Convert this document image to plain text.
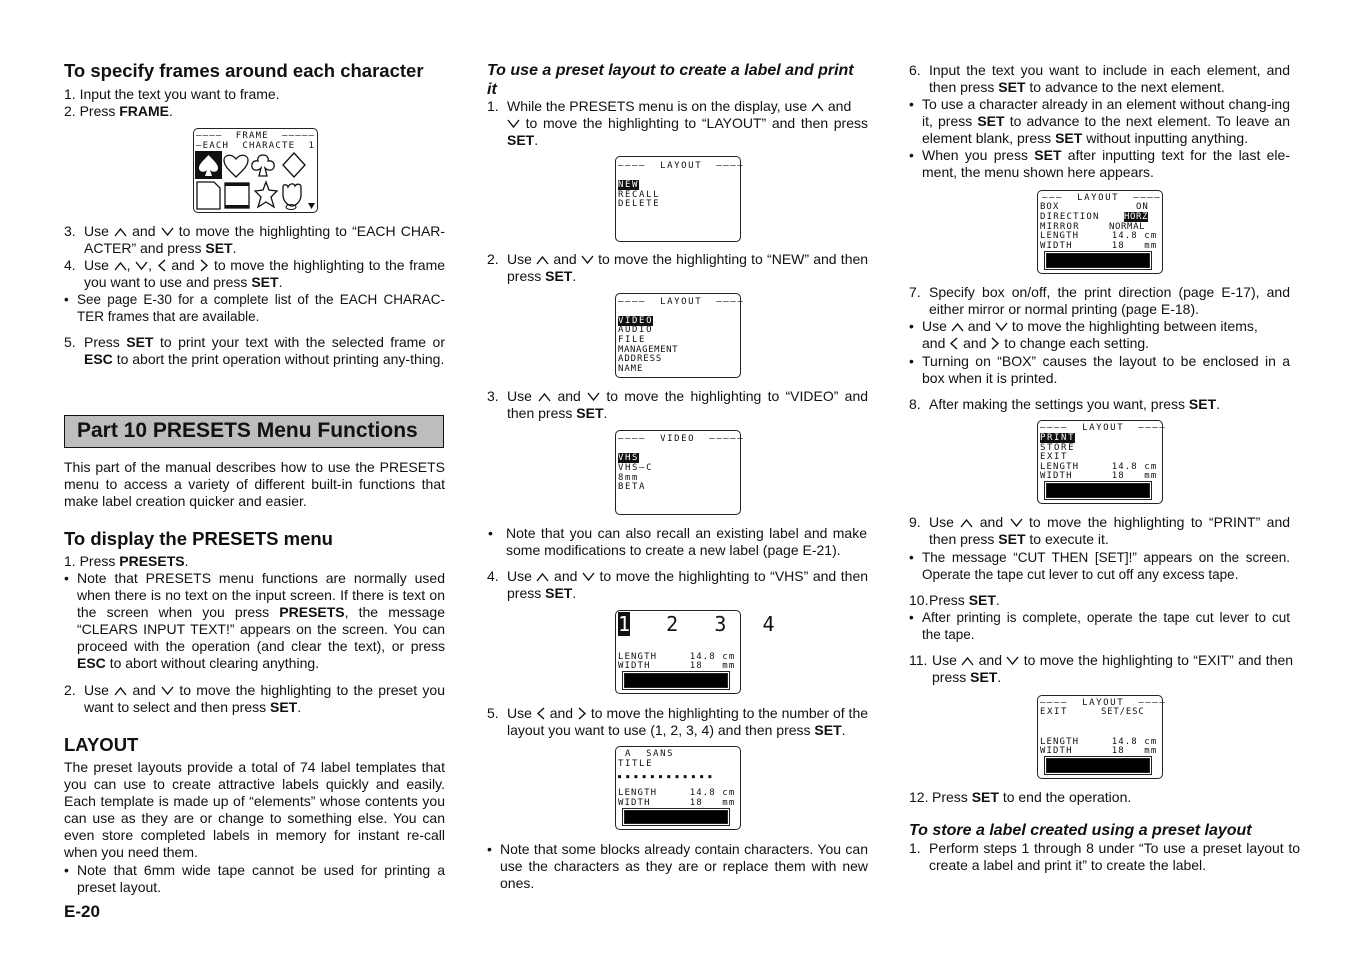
To specify frames around each character
1. Input the text you want to frame.
2. Press FRAME.
––––  FRAME  –––––
–EACH  CHARACTE  1
3. Use and to move the highlighting to “EACH CHAR-ACTER” and press SET.
4. Use , ,  and to move the highlighting to the frame you want to use and press SET.
• See page E-30 for a complete list of the EACH CHARAC-TER frames that are available.
5. Press SET to print your text with the selected frame or ESC to abort the print operation without printing any-thing.
Part 10 PRESETS Menu Functions
This part of the manual describes how to use the PRESETS menu to access a variety of different built-in functions that make label creation quicker and easier.
To display the PRESETS menu
1. Press PRESETS.
• Note that PRESETS menu functions are normally used when there is no text on the input screen. If there is text on the screen when you press PRESETS, the message “CLEARS INPUT TEXT!” appears on the screen. You can proceed with the operation (and clear the text), or press ESC to abort without clearing anything.
2. Use and to move the highlighting to the preset you want to select and then press SET.
LAYOUT
The preset layouts provide a total of 74 label templates that you can use to create attractive labels quickly and easily. Each template is made up of “elements” whose contents you can use as they are or change to something else. You can even store completed labels in memory for instant re-call when you need them.
• Note that 6mm wide tape cannot be used for printing a preset layout.
E-20
To use a preset layout to create a label and print it
1. While the PRESETS menu is on the display, use and
to move the highlighting to “LAYOUT” and then press SET.
––––  LAYOUT  ––––
NEW
RECALL
DELETE
2. Use and to move the highlighting to “NEW” and then press SET.
––––  LAYOUT  ––––
VIDEO
AUDIO
FILE
MANAGEMENT
ADDRESS
NAME
3. Use and to move the highlighting to “VIDEO” and then press SET.
––––  VIDEO  –––––
VHS
VHS–C
8mm
BETA
• Note that you can also recall an existing label and make some modifications to create a new label (page E-21).
4. Use and to move the highlighting to “VHS” and then press SET.
1 2 3 4
LENGTH     14.8 cm
WIDTH      18   mm
5. Use and to move the highlighting to the number of the layout you want to use (1, 2, 3, 4) and then press SET.
A  SANS
TITLE
■■■■■■■■■■■■
LENGTH     14.8 cm
WIDTH      18   mm
• Note that some blocks already contain characters. You can use the characters as they are or replace them with new ones.
6. Input the text you want to include in each element, and then press SET to advance to the next element.
• To use a character already in an element without chang-ing it, press SET to advance to the next element. To leave an element blank, press SET without inputting anything.
• When you press SET after inputting text for the last ele-ment, the menu shown here appears.
–––  LAYOUT  ––––
BOX	ON
DIRECTION	HORZ
MIRROR	NORMAL
LENGTH     14.8 cm
WIDTH      18   mm
7. Specify box on/off, the print direction (page E-17), and either mirror or normal printing (page E-18).
• Use and to move the highlighting between items,
and and to change each setting.
• Turning on “BOX” causes the layout to be enclosed in a box when it is printed.
8. After making the settings you want, press SET.
––––  LAYOUT  ––––
PRINT
STORE
EXIT
LENGTH     14.8 cm
WIDTH      18   mm
9. Use and to move the highlighting to “PRINT” and then press SET to execute it.
• The message “CUT THEN [SET]!” appears on the screen. Operate the tape cut lever to cut off any excess tape.
10. Press SET.
• After printing is complete, operate the tape cut lever to cut the tape.
11. Use and to move the highlighting to “EXIT” and then press SET.
––––  LAYOUT  ––––
EXIT	SET/ESC
LENGTH     14.8 cm
WIDTH      18   mm
12. Press SET to end the operation.
To store a label created using a preset layout
1. Perform steps 1 through 8 under “To use a preset layout to create a label and print it” to create the label.
